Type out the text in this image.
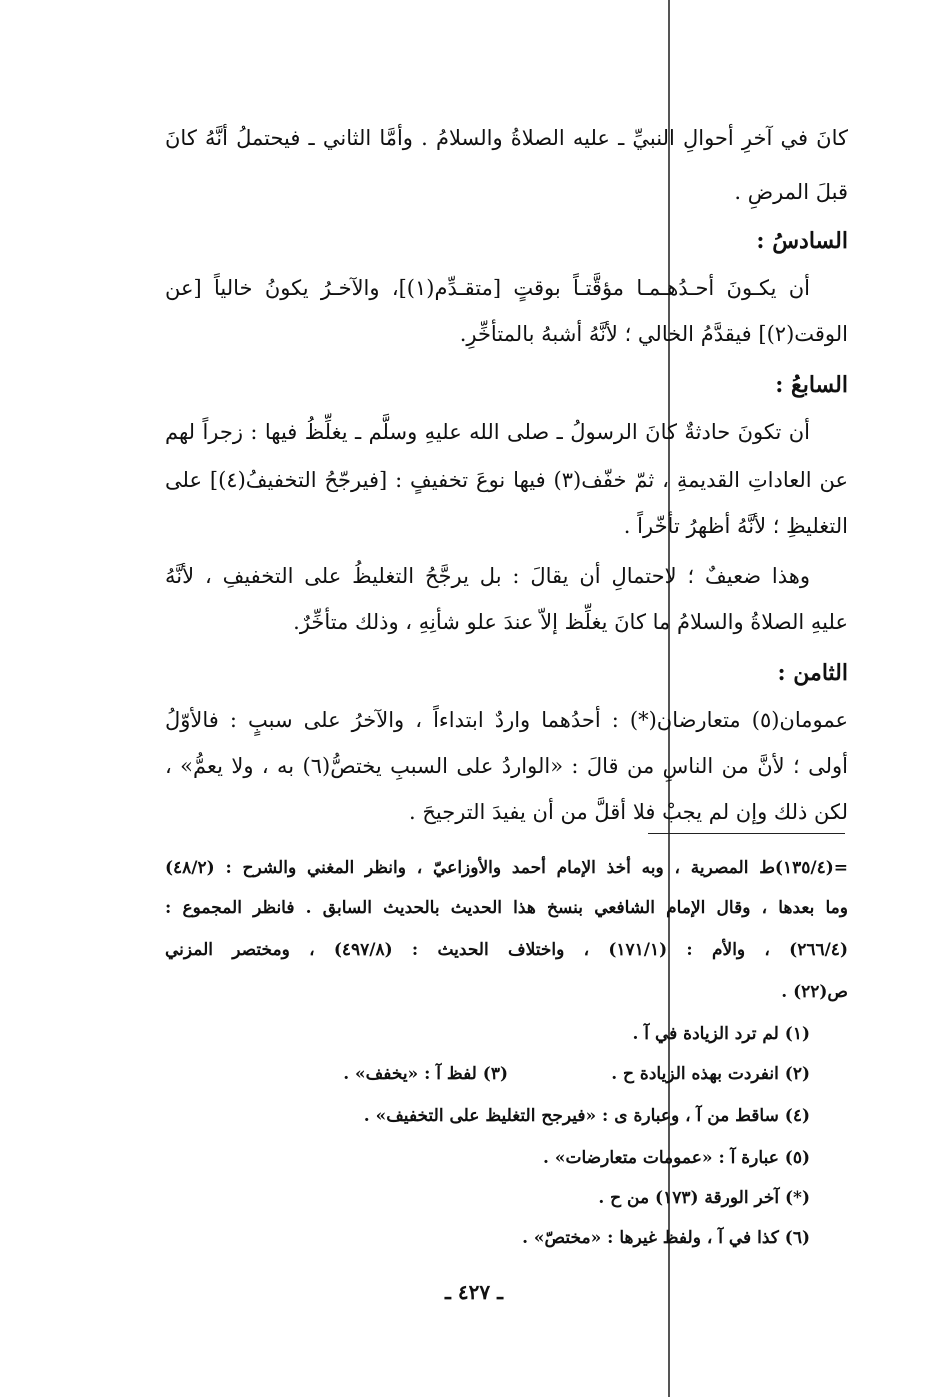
كانَ في آخرِ أحوالِ النبيِّ ـ عليه الصلاةُ والسلامُ . وأمَّا الثاني ـ فيحتملُ أنَّهُ كانَ
قبلَ المرضِ .
السادسُ :
أن يكـونَ أحـدُهـمـا مؤقَّتـاً بوقتٍ [متقـدِّم(١)]، والآخـرُ يكونُ خالياً [عن
الوقت(٢)] فيقدَّمُ الخالي ؛ لأنَّهُ أشبهُ بالمتأخِّرِ.
السابعُ :
أن تكونَ حادثةٌ كانَ الرسولُ ـ صلى الله عليهِ وسلَّم ـ يغلِّظُ فيها : زجراً لهم
عن العاداتِ القديمةِ ، ثمّ خفّف(٣) فيها نوعَ تخفيفٍ : [فيرجّحُ التخفيفُ(٤)] على
التغليظِ ؛ لأنَّهُ أظهرُ تأخّراً .
وهذا ضعيفٌ ؛ لاحتمالِ أن يقالَ : بل يرجَّحُ التغليظُ على التخفيفِ ، لأنَّهُ
عليهِ الصلاةُ والسلامُ ما كانَ يغلِّظ إلاّ عندَ علو شأنِهِ ، وذلك متأخِّرٌ.
الثامن :
عمومان(٥) متعارضان(*) : أحدُهما واردٌ ابتداءاً ، والآخرُ على سببٍ : فالأوّلُ
أولى ؛ لأنَّ من الناسِ من قالَ : «الواردُ على السببِ يختصُّ(٦) به ، ولا يعمُّ» ،
لكن ذلك وإن لم يجبْ فلا أقلَّ من أن يفيدَ الترجيحَ .
=(١٣٥/٤)ط المصرية ، وبه أخذ الإمام أحمد والأوزاعيّ ، وانظر المغني والشرح : (٤٨/٢)
وما بعدها ، وقال الإمام الشافعي بنسخ هذا الحديث بالحديث السابق . فانظر المجموع :
(٢٦٦/٤) ، والأم : (١٧١/١) ، واختلاف الحديث : (٤٩٧/٨) ، ومختصر المزني
ص(٢٢) .
(١) لم ترد الزيادة في آ .
(٢) انفردت بهذه الزيادة ح .
(٣) لفظ آ : «يخفف» .
(٤) ساقط من آ ، وعبارة ى : «فيرجح التغليظ على التخفيف» .
(٥) عبارة آ : «عمومات متعارضات» .
(*) آخر الورقة (١٧٣) من ح .
(٦) كذا في آ ، ولفظ غيرها : «مختصّ» .
ـ ٤٢٧ ـ
